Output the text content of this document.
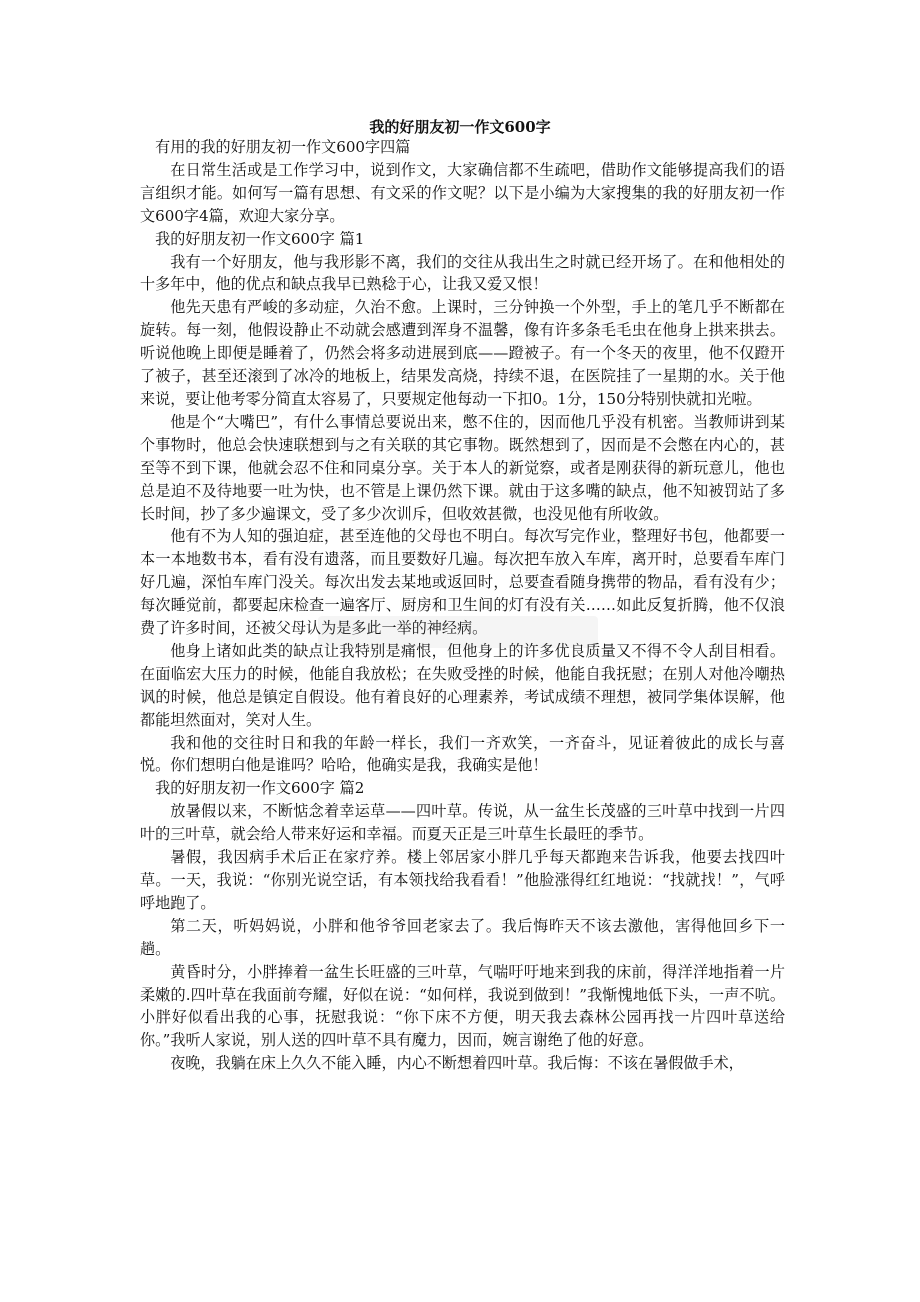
我的好朋友初一作文600字

有用的我的好朋友初一作文600字四篇

在日常生活或是工作学习中，说到作文，大家确信都不生疏吧，借助作文能够提高我们的语言组织才能。如何写一篇有思想、有文采的作文呢？以下是小编为大家搜集的我的好朋友初一作文600字4篇，欢迎大家分享。

我的好朋友初一作文600字 篇1

我有一个好朋友，他与我形影不离，我们的交往从我出生之时就已经开场了。在和他相处的十多年中，他的优点和缺点我早已熟稔于心，让我又爱又恨！

他先天患有严峻的多动症，久治不愈。上课时，三分钟换一个外型，手上的笔几乎不断都在旋转。每一刻，他假设静止不动就会感遭到浑身不温馨，像有许多条毛毛虫在他身上拱来拱去。听说他晚上即便是睡着了，仍然会将多动进展到底——蹬被子。有一个冬天的夜里，他不仅蹬开了被子，甚至还滚到了冰冷的地板上，结果发高烧，持续不退，在医院挂了一星期的水。关于他来说，要让他考零分简直太容易了，只要规定他每动一下扣0。1分，150分特别快就扣光啦。

他是个“大嘴巴”，有什么事情总要说出来，憋不住的，因而他几乎没有机密。当教师讲到某个事物时，他总会快速联想到与之有关联的其它事物。既然想到了，因而是不会憋在内心的，甚至等不到下课，他就会忍不住和同桌分享。关于本人的新觉察，或者是刚获得的新玩意儿，他也总是迫不及待地要一吐为快，也不管是上课仍然下课。就由于这多嘴的缺点，他不知被罚站了多长时间，抄了多少遍课文，受了多少次训斥，但收效甚微，也没见他有所收敛。

他有不为人知的强迫症，甚至连他的父母也不明白。每次写完作业，整理好书包，他都要一本一本地数书本，看有没有遗落，而且要数好几遍。每次把车放入车库，离开时，总要看车库门好几遍，深怕车库门没关。每次出发去某地或返回时，总要查看随身携带的物品，看有没有少；每次睡觉前，都要起床检查一遍客厅、厨房和卫生间的灯有没有关……如此反复折腾，他不仅浪费了许多时间，还被父母认为是多此一举的神经病。

他身上诸如此类的缺点让我特别是痛恨，但他身上的许多优良质量又不得不令人刮目相看。在面临宏大压力的时候，他能自我放松；在失败受挫的时候，他能自我抚慰；在别人对他冷嘲热讽的时候，他总是镇定自假设。他有着良好的心理素养，考试成绩不理想，被同学集体误解，他都能坦然面对，笑对人生。

我和他的交往时日和我的年龄一样长，我们一齐欢笑，一齐奋斗，见证着彼此的成长与喜悦。你们想明白他是谁吗？哈哈，他确实是我，我确实是他！

我的好朋友初一作文600字 篇2

放暑假以来，不断惦念着幸运草——四叶草。传说，从一盆生长茂盛的三叶草中找到一片四叶的三叶草，就会给人带来好运和幸福。而夏天正是三叶草生长最旺的季节。

暑假，我因病手术后正在家疗养。楼上邻居家小胖几乎每天都跑来告诉我，他要去找四叶草。一天，我说：“你别光说空话，有本领找给我看看！”他脸涨得红红地说：“找就找！”，气呼呼地跑了。

第二天，听妈妈说，小胖和他爷爷回老家去了。我后悔昨天不该去激他，害得他回乡下一趟。

黄昏时分，小胖捧着一盆生长旺盛的三叶草，气喘吁吁地来到我的床前，得洋洋地指着一片柔嫩的.四叶草在我面前夸耀，好似在说：“如何样，我说到做到！”我惭愧地低下头，一声不吭。小胖好似看出我的心事，抚慰我说：“你下床不方便，明天我去森林公园再找一片四叶草送给你。”我听人家说，别人送的四叶草不具有魔力，因而，婉言谢绝了他的好意。

夜晚，我躺在床上久久不能入睡，内心不断想着四叶草。我后悔：不该在暑假做手术，
